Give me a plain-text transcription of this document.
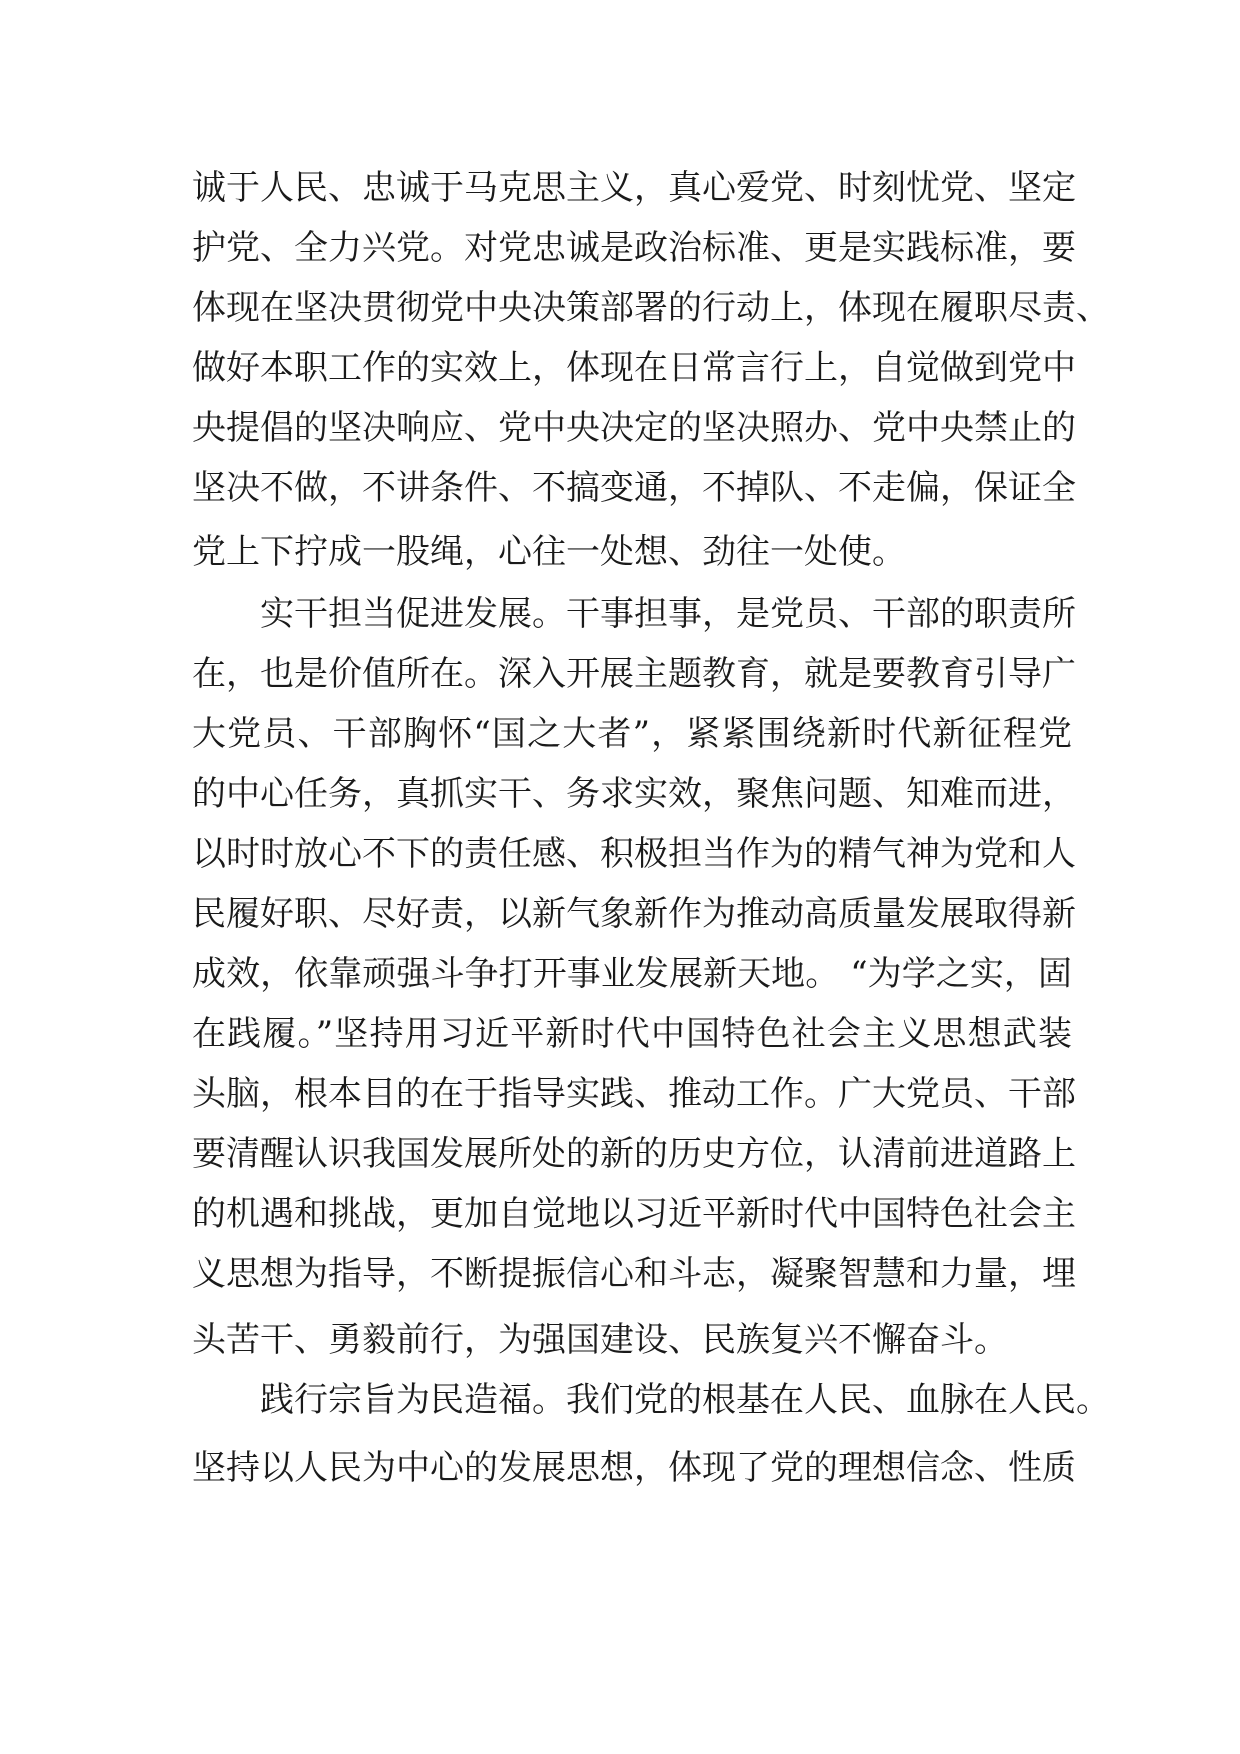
诚于人民、忠诚于马克思主义，真心爱党、时刻忧党、坚定
护党、全力兴党。对党忠诚是政治标准、更是实践标准，要
体现在坚决贯彻党中央决策部署的行动上，体现在履职尽责、
做好本职工作的实效上，体现在日常言行上，自觉做到党中
央提倡的坚决响应、党中央决定的坚决照办、党中央禁止的
坚决不做，不讲条件、不搞变通，不掉队、不走偏，保证全
党上下拧成一股绳，心往一处想、劲往一处使。
实干担当促进发展。干事担事，是党员、干部的职责所
在，也是价值所在。深入开展主题教育，就是要教育引导广
大党员、干部胸怀“国之大者”，紧紧围绕新时代新征程党
的中心任务，真抓实干、务求实效，聚焦问题、知难而进，
以时时放心不下的责任感、积极担当作为的精气神为党和人
民履好职、尽好责，以新气象新作为推动高质量发展取得新
成效，依靠顽强斗争打开事业发展新天地。 “为学之实，固
在践履。”坚持用习近平新时代中国特色社会主义思想武装
头脑，根本目的在于指导实践、推动工作。广大党员、干部
要清醒认识我国发展所处的新的历史方位，认清前进道路上
的机遇和挑战，更加自觉地以习近平新时代中国特色社会主
义思想为指导，不断提振信心和斗志，凝聚智慧和力量，埋
头苦干、勇毅前行，为强国建设、民族复兴不懈奋斗。
践行宗旨为民造福。我们党的根基在人民、血脉在人民。
坚持以人民为中心的发展思想，体现了党的理想信念、性质
